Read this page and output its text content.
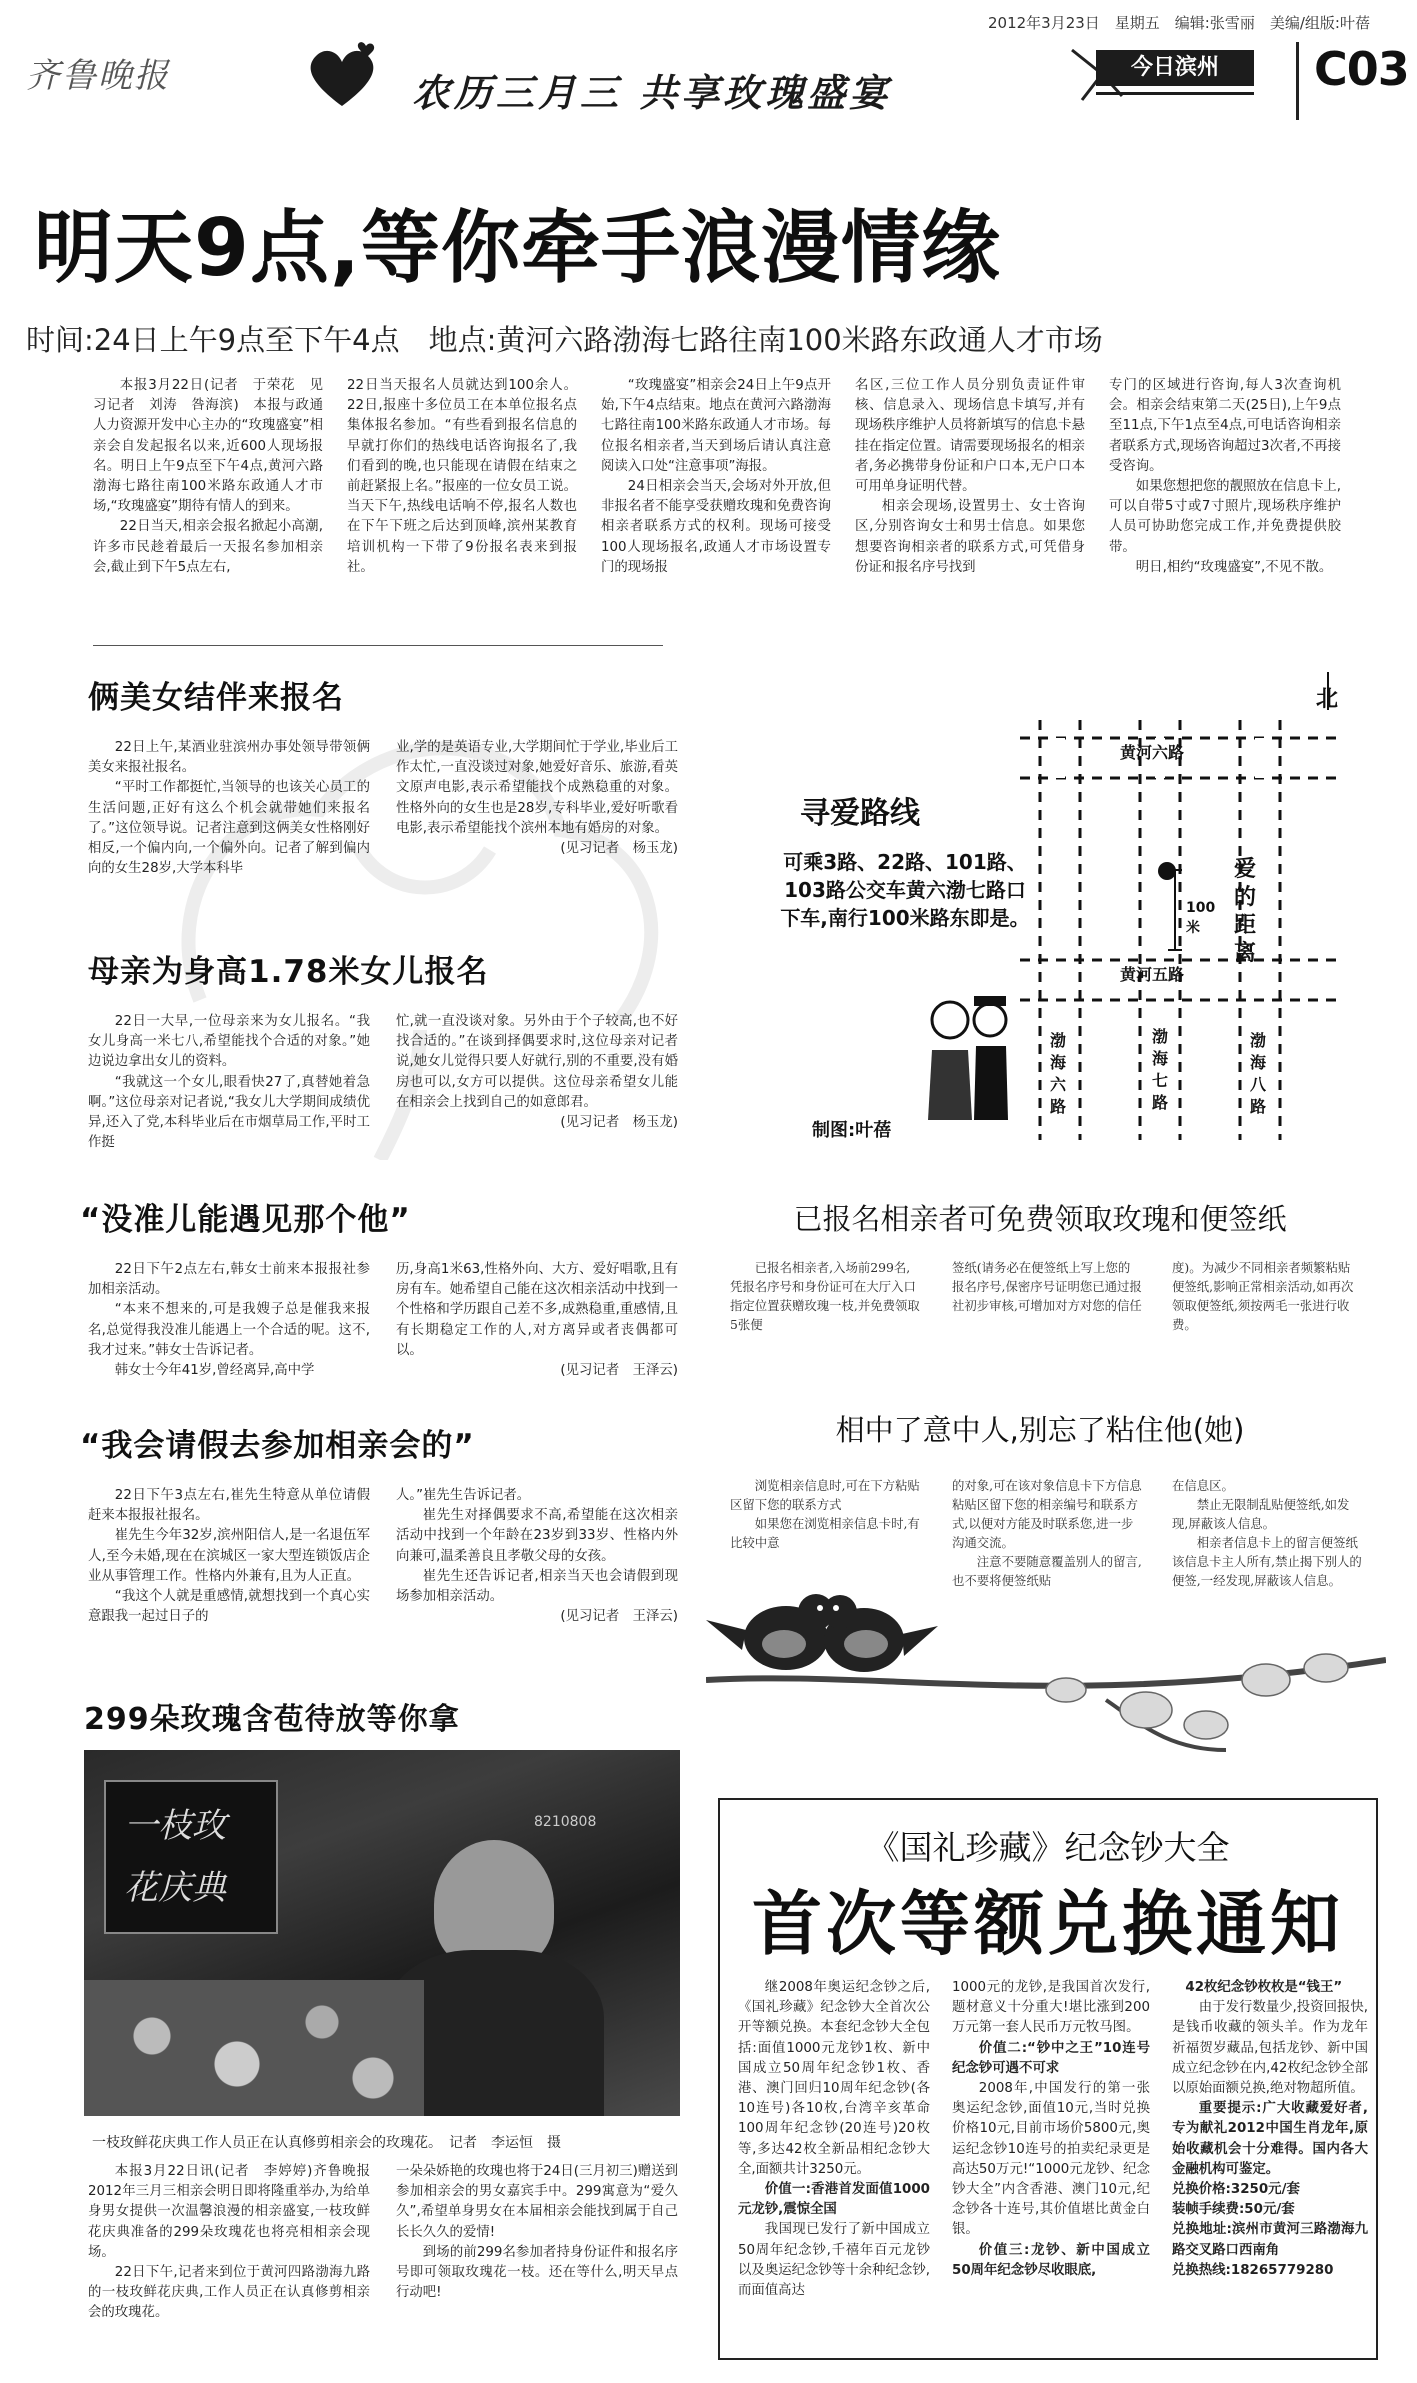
齐鲁晚报	农历三月三 共享玫瑰盛宴
2012年3月23日　星期五　编辑:张雪丽　美编/组版:叶蓓
今日滨州	C03
明天9点,等你牵手浪漫情缘
时间:24日上午9点至下午4点　地点:黄河六路渤海七路往南100米路东政通人才市场

本报3月22日(记者　于荣花　见习记者　刘涛　咎海滨)　本报与政通人力资源开发中心主办的“玫瑰盛宴”相亲会自发起报名以来,近600人现场报名。明日上午9点至下午4点,黄河六路渤海七路往南100米路东政通人才市场,“玫瑰盛宴”期待有情人的到来。

22日当天,相亲会报名掀起小高潮,许多市民趁着最后一天报名参加相亲会,截止到下午5点左右,

22日当天报名人员就达到100余人。22日,报座十多位员工在本单位报名点集体报名参加。“有些看到报名信息的早就打你们的热线电话咨询报名了,我们看到的晚,也只能现在请假在结束之前赶紧报上名。”报座的一位女员工说。当天下午,热线电话响不停,报名人数也在下午下班之后达到顶峰,滨州某教育培训机构一下带了9份报名表来到报社。

“玫瑰盛宴”相亲会24日上午9点开始,下午4点结束。地点在黄河六路渤海七路往南100米路东政通人才市场。每位报名相亲者,当天到场后请认真注意阅读入口处“注意事项”海报。

24日相亲会当天,会场对外开放,但非报名者不能享受获赠玫瑰和免费咨询相亲者联系方式的权利。现场可接受100人现场报名,政通人才市场设置专门的现场报

名区,三位工作人员分别负责证件审核、信息录入、现场信息卡填写,并有现场秩序维护人员将新填写的信息卡悬挂在指定位置。请需要现场报名的相亲者,务必携带身份证和户口本,无户口本可用单身证明代替。

相亲会现场,设置男士、女士咨询区,分别咨询女士和男士信息。如果您想要咨询相亲者的联系方式,可凭借身份证和报名序号找到

专门的区域进行咨询,每人3次查询机会。相亲会结束第二天(25日),上午9点至11点,下午1点至4点,可电话咨询相亲者联系方式,现场咨询超过3次者,不再接受咨询。

如果您想把您的靓照放在信息卡上,可以自带5寸或7寸照片,现场秩序维护人员可协助您完成工作,并免费提供胶带。

明日,相约“玫瑰盛宴”,不见不散。

俩美女结伴来报名

22日上午,某酒业驻滨州办事处领导带领俩美女来报社报名。

“平时工作都挺忙,当领导的也该关心员工的生活问题,正好有这么个机会就带她们来报名了。”这位领导说。记者注意到这俩美女性格刚好相反,一个偏内向,一个偏外向。记者了解到偏内向的女生28岁,大学本科毕

业,学的是英语专业,大学期间忙于学业,毕业后工作太忙,一直没谈过对象,她爱好音乐、旅游,看英文原声电影,表示希望能找个成熟稳重的对象。性格外向的女生也是28岁,专科毕业,爱好听歌看电影,表示希望能找个滨州本地有婚房的对象。

(见习记者　杨玉龙)
母亲为身高1.78米女儿报名

22日一大早,一位母亲来为女儿报名。“我女儿身高一米七八,希望能找个合适的对象。”她边说边拿出女儿的资料。

“我就这一个女儿,眼看快27了,真替她着急啊。”这位母亲对记者说,“我女儿大学期间成绩优异,还入了党,本科毕业后在市烟草局工作,平时工作挺

忙,就一直没谈对象。另外由于个子较高,也不好找合适的。”在谈到择偶要求时,这位母亲对记者说,她女儿觉得只要人好就行,别的不重要,没有婚房也可以,女方可以提供。这位母亲希望女儿能在相亲会上找到自己的如意郎君。

(见习记者　杨玉龙)
“没准儿能遇见那个他”

22日下午2点左右,韩女士前来本报报社参加相亲活动。

“本来不想来的,可是我嫂子总是催我来报名,总觉得我没准儿能遇上一个合适的呢。这不,我才过来。”韩女士告诉记者。

韩女士今年41岁,曾经离异,高中学

历,身高1米63,性格外向、大方、爱好唱歌,且有房有车。她希望自己能在这次相亲活动中找到一个性格和学历跟自己差不多,成熟稳重,重感情,且有长期稳定工作的人,对方离异或者丧偶都可以。

(见习记者　王泽云)
“我会请假去参加相亲会的”

22日下午3点左右,崔先生特意从单位请假赶来本报报社报名。

崔先生今年32岁,滨州阳信人,是一名退伍军人,至今未婚,现在在滨城区一家大型连锁饭店企业从事管理工作。性格内外兼有,且为人正直。

“我这个人就是重感情,就想找到一个真心实意跟我一起过日子的

人。”崔先生告诉记者。

崔先生对择偶要求不高,希望能在这次相亲活动中找到一个年龄在23岁到33岁、性格内外向兼可,温柔善良且孝敬父母的女孩。

崔先生还告诉记者,相亲当天也会请假到现场参加相亲活动。

(见习记者　王泽云)
299朵玫瑰含苞待放等你拿
一枝玫
花庆典
8210808
一枝玫鲜花庆典工作人员正在认真修剪相亲会的玫瑰花。　记者　李运恒　摄

本报3月22日讯(记者　李婷婷)齐鲁晚报2012年三月三相亲会明日即将隆重举办,为给单身男女提供一次温馨浪漫的相亲盛宴,一枝玫鲜花庆典准备的299朵玫瑰花也将亮相相亲会现场。

22日下午,记者来到位于黄河四路渤海九路的一枝玫鲜花庆典,工作人员正在认真修剪相亲会的玫瑰花。

一朵朵娇艳的玫瑰也将于24日(三月初三)赠送到参加相亲会的男女嘉宾手中。299寓意为“爱久久”,希望单身男女在本届相亲会能找到属于自己长长久久的爱情!

到场的前299名参加者持身份证件和报名序号即可领取玫瑰花一枝。还在等什么,明天早点行动吧!

北
寻爱路线
可乘3路、22路、101路、103路公交车黄六渤七路口下车,南行100米路东即是。
黄河六路
黄河五路
渤海六路
渤海七路
渤海八路
爱的距离
100米
制图:叶蓓
已报名相亲者可免费领取玫瑰和便签纸
已报名相亲者,入场前299名,凭报名序号和身份证可在大厅入口指定位置获赠玫瑰一枝,并免费领取5张便
签纸(请务必在便签纸上写上您的报名序号,保密序号证明您已通过报社初步审核,可增加对方对您的信任
度)。为减少不同相亲者频繁粘贴便签纸,影响正常相亲活动,如再次领取便签纸,须按两毛一张进行收费。
相中了意中人,别忘了粘住他(她)

浏览相亲信息时,可在下方粘贴区留下您的联系方式

如果您在浏览相亲信息卡时,有比较中意

的对象,可在该对象信息卡下方信息粘贴区留下您的相亲编号和联系方式,以便对方能及时联系您,进一步沟通交流。

注意不要随意覆盖别人的留言,也不要将便签纸贴

在信息区。

禁止无限制乱贴便签纸,如发现,屏蔽该人信息。

相亲者信息卡上的留言便签纸该信息卡主人所有,禁止揭下别人的便签,一经发现,屏蔽该人信息。

《国礼珍藏》纪念钞大全
首次等额兑换通知

继2008年奥运纪念钞之后,《国礼珍藏》纪念钞大全首次公开等额兑换。本套纪念钞大全包括:面值1000元龙钞1枚、新中国成立50周年纪念钞1枚、香港、澳门回归10周年纪念钞(各10连号)各10枚,台湾辛亥革命100周年纪念钞(20连号)20枚等,多达42枚全新品相纪念钞大全,面额共计3250元。

价值一:香港首发面值1000元龙钞,震惊全国

我国现已发行了新中国成立50周年纪念钞,千禧年百元龙钞以及奥运纪念钞等十余种纪念钞,而面值高达

1000元的龙钞,是我国首次发行,题材意义十分重大!堪比涨到200万元第一套人民币万元牧马图。

价值二:“钞中之王”10连号纪念钞可遇不可求

2008年,中国发行的第一张奥运纪念钞,面值10元,当时兑换价格10元,目前市场价5800元,奥运纪念钞10连号的拍卖纪录更是高达50万元!“1000元龙钞、纪念钞大全”内含香港、澳门10元,纪念钞各十连号,其价值堪比黄金白银。

价值三:龙钞、新中国成立50周年纪念钞尽收眼底,
42枚纪念钞枚枚是“钱王”

由于发行数量少,投资回报快,是钱币收藏的领头羊。作为龙年祈福贺岁藏品,包括龙钞、新中国成立纪念钞在内,42枚纪念钞全部以原始面额兑换,绝对物超所值。

重要提示:广大收藏爱好者,专为献礼2012中国生肖龙年,原始收藏机会十分难得。国内各大金融机构可鉴定。

兑换价格:3250元/套
装帧手续费:50元/套
兑换地址:滨州市黄河三路渤海九路交叉路口西南角
兑换热线:18265779280
